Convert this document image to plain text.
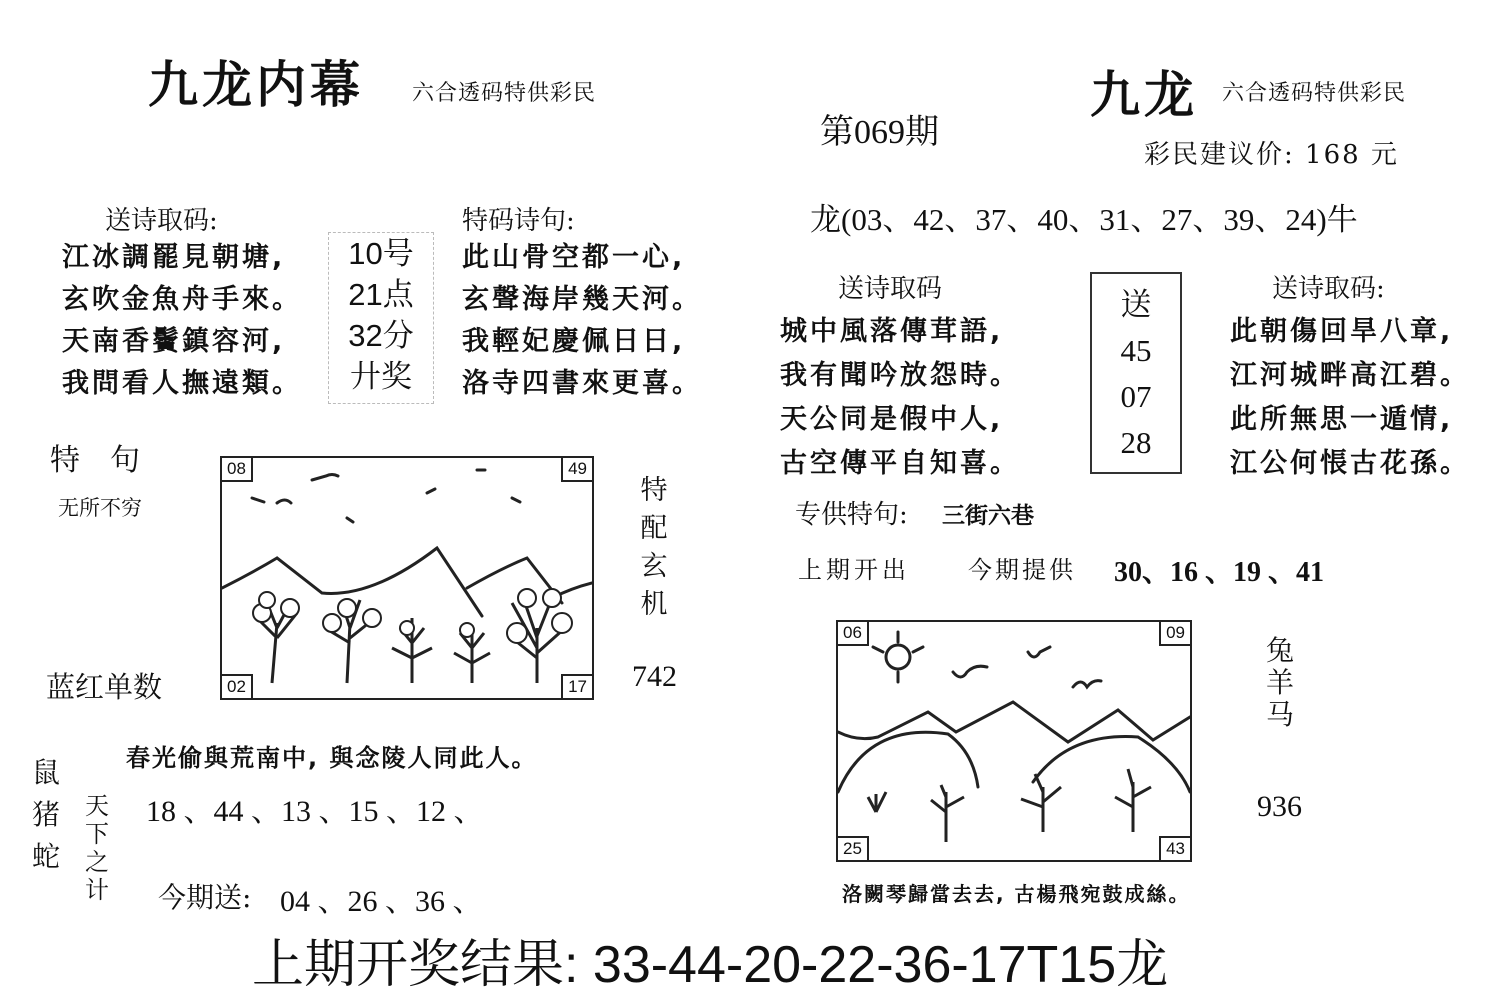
九龙内幕 六合透码特供彩民
送诗取码:
江冰調罷見朝塘,
玄吹金魚舟手來。
天南香鬢鎮容河,
我問看人撫遠類。
10号
21点
32分
廾奖
特码诗句:
此山骨空都一心,
玄聲海岸幾天河。
我輕妃慶佩日日,
洛寺四書來更喜。
特　句
无所不穷
蓝红单数
08	49
02	17
特
配
玄
机
742
春光偷與荒南中, 與念陵人同此人。
鼠
猪
蛇
天
下
之
计
18 、44 、13 、15 、12 、
今期送: 04 、26 、36 、
第069期
九龙 六合透码特供彩民
彩民建议价: 168 元
龙(03、42、37、40、31、27、39、24)牛
送诗取码
城中風落傳茸語,
我有聞吟放怨時。
天公同是假中人,
古空傳平自知喜。
送
45
07
28
送诗取码:
此朝傷回旱八章,
江河城畔高江碧。
此所無思一遁情,
江公何悵古花孫。
专供特句: 三街六巷
上期开出 今期提供 30、16 、19 、41
06	09
25	43
兔
羊
马
936
洛闕琴歸當去去, 古楊飛宛鼓成絲。
上期开奖结果: 33-44-20-22-36-17T15龙
